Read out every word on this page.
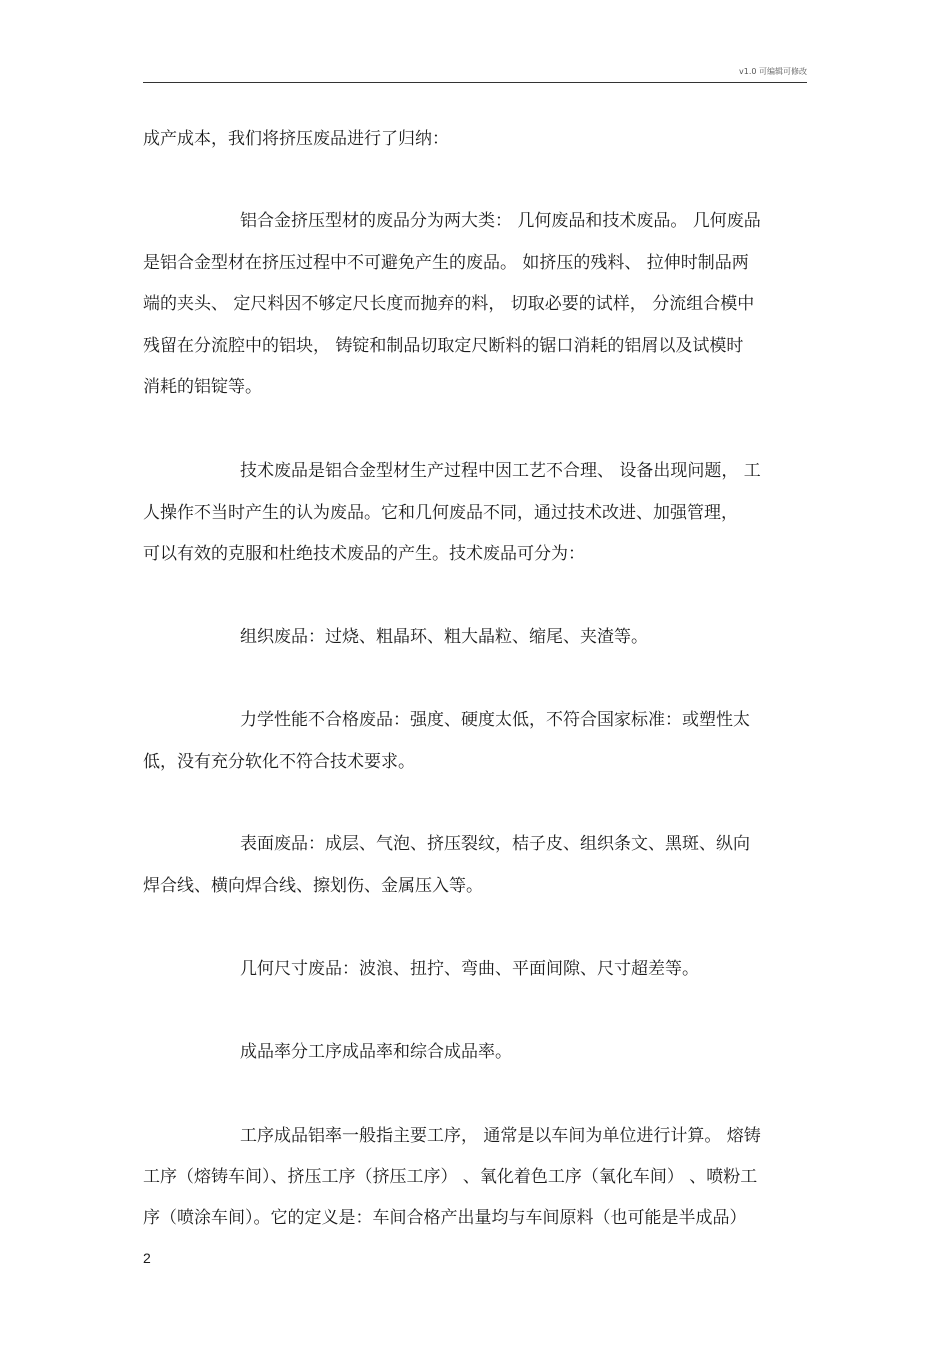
v1.0 可编辑可修改
成产成本，我们将挤压废品进行了归纳：
铝合金挤压型材的废品分为两大类： 几何废品和技术废品。 几何废品
是铝合金型材在挤压过程中不可避免产生的废品。 如挤压的残料、 拉伸时制品两
端的夹头、 定尺料因不够定尺长度而抛弃的料， 切取必要的试样， 分流组合模中
残留在分流腔中的铝块， 铸锭和制品切取定尺断料的锯口消耗的铝屑以及试模时
消耗的铝锭等。
技术废品是铝合金型材生产过程中因工艺不合理、 设备出现问题， 工
人操作不当时产生的认为废品。它和几何废品不同，通过技术改进、加强管理，
可以有效的克服和杜绝技术废品的产生。技术废品可分为：
组织废品：过烧、粗晶环、粗大晶粒、缩尾、夹渣等。
力学性能不合格废品：强度、硬度太低，不符合国家标准：或塑性太
低，没有充分软化不符合技术要求。
表面废品：成层、气泡、挤压裂纹，桔子皮、组织条文、黑斑、纵向
焊合线、横向焊合线、擦划伤、金属压入等。
几何尺寸废品：波浪、扭拧、弯曲、平面间隙、尺寸超差等。
成品率分工序成品率和综合成品率。
工序成品铝率一般指主要工序， 通常是以车间为单位进行计算。 熔铸
工序（熔铸车间）、挤压工序（挤压工序） 、氧化着色工序（氧化车间） 、喷粉工
序（喷涂车间）。它的定义是：车间合格产出量均与车间原料（也可能是半成品）
2
